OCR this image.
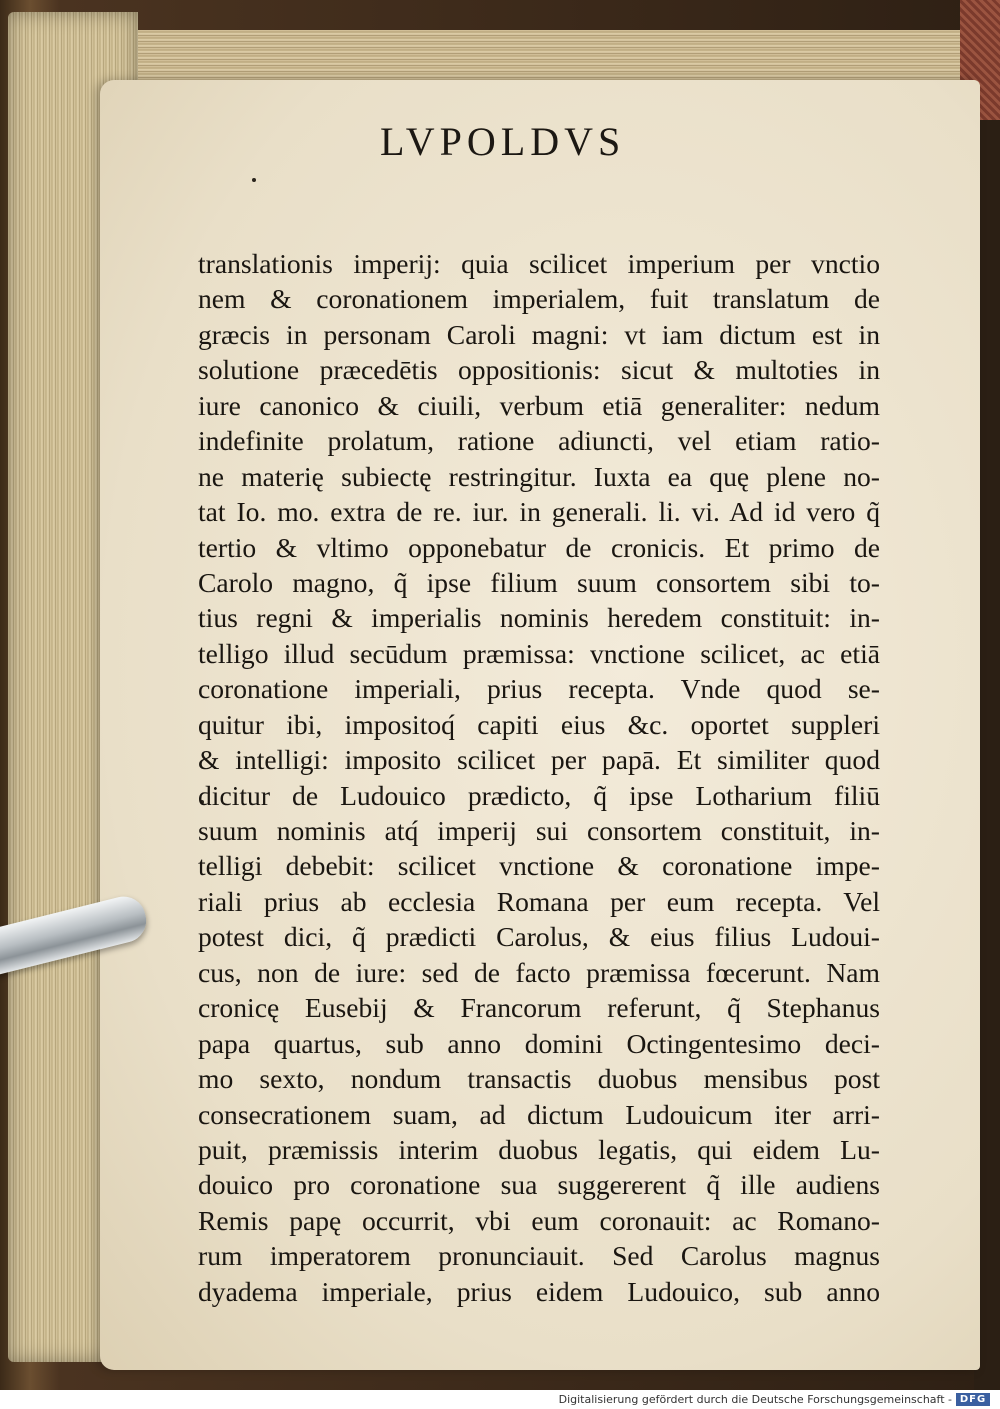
LVPOLDVS
translationis imperij: quia scilicet imperium per vnctio
nem & coronationem imperialem, fuit translatum de
græcis in personam Caroli magni: vt iam dictum est in
solutione præcedētis oppositionis: sicut & multoties in
iure canonico & ciuili, verbum etiā generaliter: nedum
indefinite prolatum, ratione adiuncti, vel etiam ratio-
ne materię subiectę restringitur. Iuxta ea quę plene no-
tat Io. mo. extra de re. iur. in generali. li. vi. Ad id vero q̃
tertio & vltimo opponebatur de cronicis. Et primo de
Carolo magno, q̃ ipse filium suum consortem sibi to-
tius regni & imperialis nominis heredem constituit: in-
telligo illud secūdum præmissa: vnctione scilicet, ac etiā
coronatione imperiali, prius recepta. Vnde quod se-
quitur ibi, impositoq́ capiti eius &c. oportet suppleri
& intelligi: imposito scilicet per papā. Et similiter quod
dicitur de Ludouico prædicto, q̃ ipse Lotharium filiū
suum nominis atq́ imperij sui consortem constituit, in-
telligi debebit: scilicet vnctione & coronatione impe-
riali prius ab ecclesia Romana per eum recepta. Vel
potest dici, q̃ prædicti Carolus, & eius filius Ludoui-
cus, non de iure: sed de facto præmissa fœcerunt. Nam
cronicę Eusebij & Francorum referunt, q̃ Stephanus
papa quartus, sub anno domini Octingentesimo deci-
mo sexto, nondum transactis duobus mensibus post
consecrationem suam, ad dictum Ludouicum iter arri-
puit, præmissis interim duobus legatis, qui eidem Lu-
douico pro coronatione sua suggererent q̃ ille audiens
Remis papę occurrit, vbi eum coronauit: ac Romano-
rum imperatorem pronunciauit. Sed Carolus magnus
dyadema imperiale, prius eidem Ludouico, sub anno
Digitalisierung gefördert durch die Deutsche Forschungsgemeinschaft - DFG
